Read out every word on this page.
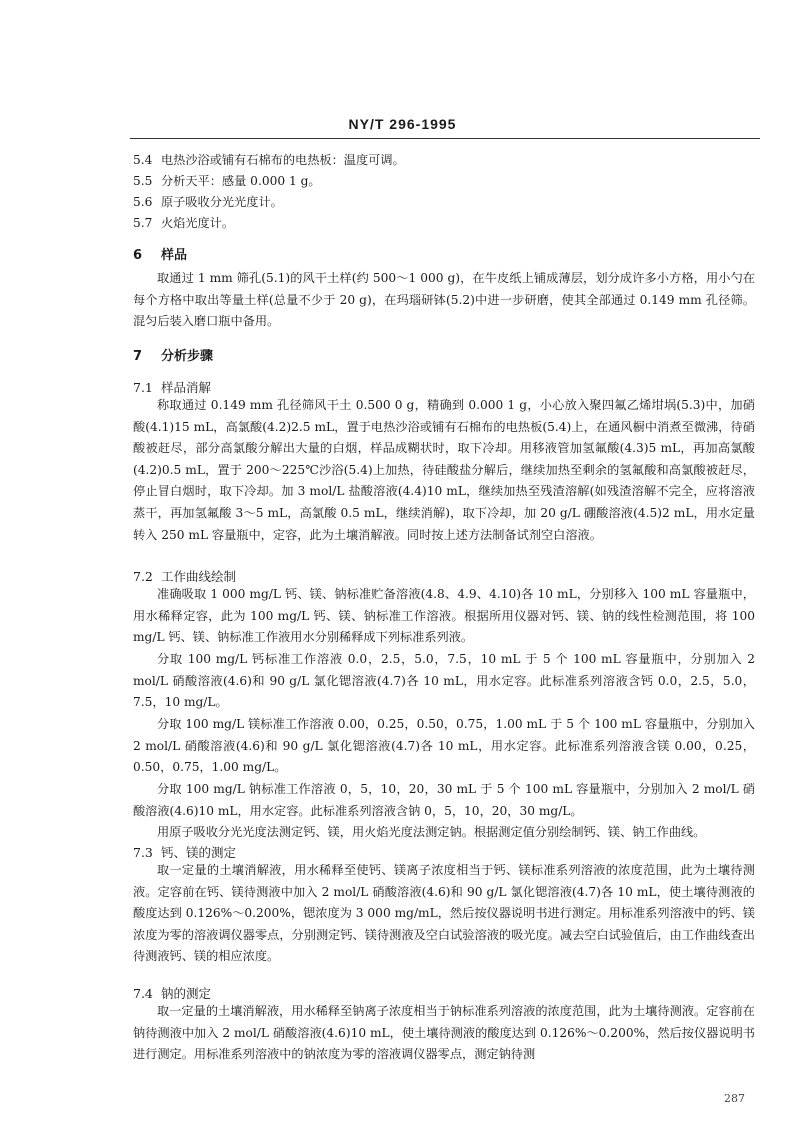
NY/T 296-1995
5.4 电热沙浴或铺有石棉布的电热板：温度可调。
5.5 分析天平：感量 0.000 1 g。
5.6 原子吸收分光光度计。
5.7 火焰光度计。
6 样品
取通过 1 mm 筛孔(5.1)的风干土样(约 500～1 000 g)，在牛皮纸上铺成薄层，划分成许多小方格，用小勺在每个方格中取出等量土样(总量不少于 20 g)，在玛瑙研钵(5.2)中进一步研磨，使其全部通过 0.149 mm 孔径筛。混匀后装入磨口瓶中备用。
7 分析步骤
7.1 样品消解
称取通过 0.149 mm 孔径筛风干土 0.500 0 g，精确到 0.000 1 g，小心放入聚四氟乙烯坩埚(5.3)中，加硝酸(4.1)15 mL，高氯酸(4.2)2.5 mL，置于电热沙浴或铺有石棉布的电热板(5.4)上，在通风橱中消煮至微沸，待硝酸被赶尽，部分高氯酸分解出大量的白烟，样品成糊状时，取下冷却。用移液管加氢氟酸(4.3)5 mL，再加高氯酸(4.2)0.5 mL，置于 200～225℃沙浴(5.4)上加热，待硅酸盐分解后，继续加热至剩余的氢氟酸和高氯酸被赶尽，停止冒白烟时，取下冷却。加 3 mol/L 盐酸溶液(4.4)10 mL，继续加热至残渣溶解(如残渣溶解不完全，应将溶液蒸干，再加氢氟酸 3～5 mL，高氯酸 0.5 mL，继续消解)，取下冷却，加 20 g/L 硼酸溶液(4.5)2 mL，用水定量转入 250 mL 容量瓶中，定容，此为土壤消解液。同时按上述方法制备试剂空白溶液。
7.2 工作曲线绘制
准确吸取 1 000 mg/L 钙、镁、钠标准贮备溶液(4.8、4.9、4.10)各 10 mL，分别移入 100 mL 容量瓶中，用水稀释定容，此为 100 mg/L 钙、镁、钠标准工作溶液。根据所用仪器对钙、镁、钠的线性检测范围，将 100 mg/L 钙、镁、钠标准工作液用水分别稀释成下列标准系列液。
分取 100 mg/L 钙标准工作溶液 0.0，2.5，5.0，7.5，10 mL 于 5 个 100 mL 容量瓶中，分别加入 2 mol/L 硝酸溶液(4.6)和 90 g/L 氯化锶溶液(4.7)各 10 mL，用水定容。此标准系列溶液含钙 0.0，2.5，5.0，7.5，10 mg/L。
分取 100 mg/L 镁标准工作溶液 0.00，0.25，0.50，0.75，1.00 mL 于 5 个 100 mL 容量瓶中，分别加入 2 mol/L 硝酸溶液(4.6)和 90 g/L 氯化锶溶液(4.7)各 10 mL，用水定容。此标准系列溶液含镁 0.00，0.25，0.50，0.75，1.00 mg/L。
分取 100 mg/L 钠标准工作溶液 0，5，10，20，30 mL 于 5 个 100 mL 容量瓶中，分别加入 2 mol/L 硝酸溶液(4.6)10 mL，用水定容。此标准系列溶液含钠 0，5，10，20，30 mg/L。
用原子吸收分光光度法测定钙、镁，用火焰光度法测定钠。根据测定值分别绘制钙、镁、钠工作曲线。
7.3 钙、镁的测定
取一定量的土壤消解液，用水稀释至使钙、镁离子浓度相当于钙、镁标准系列溶液的浓度范围，此为土壤待测液。定容前在钙、镁待测液中加入 2 mol/L 硝酸溶液(4.6)和 90 g/L 氯化锶溶液(4.7)各 10 mL，使土壤待测液的酸度达到 0.126%～0.200%，锶浓度为 3 000 mg/mL，然后按仪器说明书进行测定。用标准系列溶液中的钙、镁浓度为零的溶液调仪器零点，分别测定钙、镁待测液及空白试验溶液的吸光度。减去空白试验值后，由工作曲线查出待测液钙、镁的相应浓度。
7.4 钠的测定
取一定量的土壤消解液，用水稀释至钠离子浓度相当于钠标准系列溶液的浓度范围，此为土壤待测液。定容前在钠待测液中加入 2 mol/L 硝酸溶液(4.6)10 mL，使土壤待测液的酸度达到 0.126%～0.200%，然后按仪器说明书进行测定。用标准系列溶液中的钠浓度为零的溶液调仪器零点，测定钠待测
287
